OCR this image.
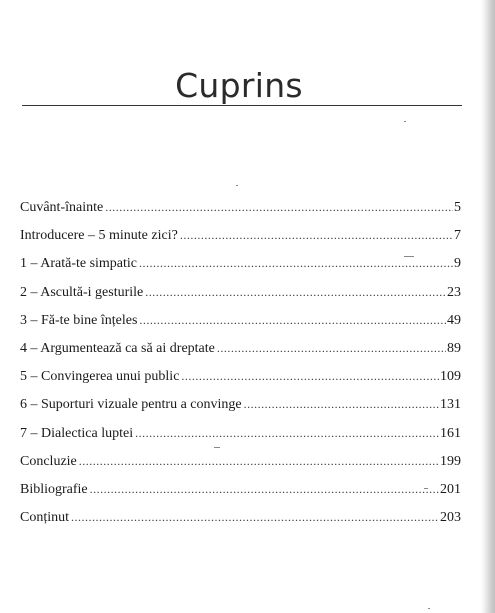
Cuprins
Cuvânt-înainte .....	5
Introducere – 5 minute zici? .....	7
1 – Arată-te simpatic .....	9
2 – Ascultă-i gesturile .....	23
3 – Fă-te bine înțeles .....	49
4 – Argumentează ca să ai dreptate .....	89
5 – Convingerea unui public .....	109
6 – Suporturi vizuale pentru a convinge .....	131
7 – Dialectica luptei .....	161
Concluzie .....	199
Bibliografie .....	201
Conținut .....	203
